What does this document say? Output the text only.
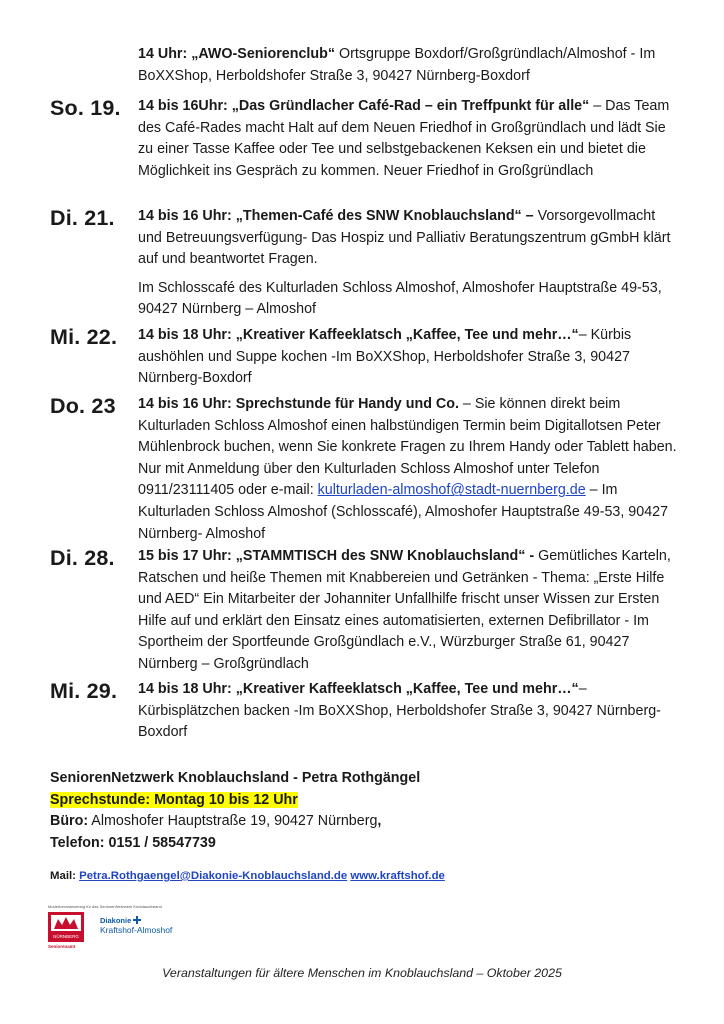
14 Uhr: „AWO-Seniorenclub“ Ortsgruppe Boxdorf/Großgründlach/Almoshof - Im BoXXShop, Herboldshofer Straße 3, 90427 Nürnberg-Boxdorf

So. 19. 14 bis 16Uhr: „Das Gründlacher Café-Rad – ein Treffpunkt für alle“ – Das Team des Café-Rades macht Halt auf dem Neuen Friedhof in Großgründlach und lädt Sie zu einer Tasse Kaffee oder Tee und selbstgebackenen Keksen ein und bietet die Möglichkeit ins Gespräch zu kommen. Neuer Friedhof in Großgründlach

Di. 21. 14 bis 16 Uhr: „Themen-Café des SNW Knoblauchsland“ – Vorsorgevollmacht und Betreuungsverfügung- Das Hospiz und Palliativ Beratungszentrum gGmbH klärt auf und beantwortet Fragen.

Im Schlosscafé des Kulturladen Schloss Almoshof, Almoshofer Hauptstraße 49-53, 90427 Nürnberg – Almoshof

Mi. 22. 14 bis 18 Uhr: „Kreativer Kaffeeklatsch „Kaffee, Tee und mehr…“– Kürbis aushöhlen und Suppe kochen -Im BoXXShop, Herboldshofer Straße 3, 90427 Nürnberg-Boxdorf

Do. 23 14 bis 16 Uhr: Sprechstunde für Handy und Co. – Sie können direkt beim Kulturladen Schloss Almoshof einen halbstündigen Termin beim Digitallotsen Peter Mühlenbrock buchen, wenn Sie konkrete Fragen zu Ihrem Handy oder Tablett haben. Nur mit Anmeldung über den Kulturladen Schloss Almoshof unter Telefon 0911/23111405 oder e-mail: kulturladen-almoshof@stadt-nuernberg.de – Im Kulturladen Schloss Almoshof (Schlosscafé), Almoshofer Hauptstraße 49-53, 90427 Nürnberg- Almoshof

Di. 28. 15 bis 17 Uhr: „STAMMTISCH des SNW Knoblauchsland“ - Gemütliches Karteln, Ratschen und heiße Themen mit Knabbereien und Getränken - Thema: „Erste Hilfe und AED“ Ein Mitarbeiter der Johanniter Unfallhilfe frischt unser Wissen zur Ersten Hilfe auf und erklärt den Einsatz eines automatisierten, externen Defibrillator - Im Sportheim der Sportfeunde Großgündlach e.V., Würzburger Straße 61, 90427 Nürnberg – Großgründlach

Mi. 29. 14 bis 18 Uhr: „Kreativer Kaffeeklatsch „Kaffee, Tee und mehr…“– Kürbisplätzchen backen -Im BoXXShop, Herboldshofer Straße 3, 90427 Nürnberg-Boxdorf

SeniorenNetzwerk Knoblauchsland - Petra Rothgängel
Sprechstunde: Montag 10 bis 12 Uhr
Büro: Almoshofer Hauptstraße 19, 90427 Nürnberg,
Telefon: 0151 / 58547739
Mail: Petra.Rothgaengel@Diakonie-Knoblauchsland.de www.kraftshof.de
Modellverantwortung für das SeniorenNetzwerk Knoblauchsland
NÜRNBERG
Seniorenamt
Diakonie
Kraftshof-Almoshof
Veranstaltungen für ältere Menschen im Knoblauchsland – Oktober 2025
